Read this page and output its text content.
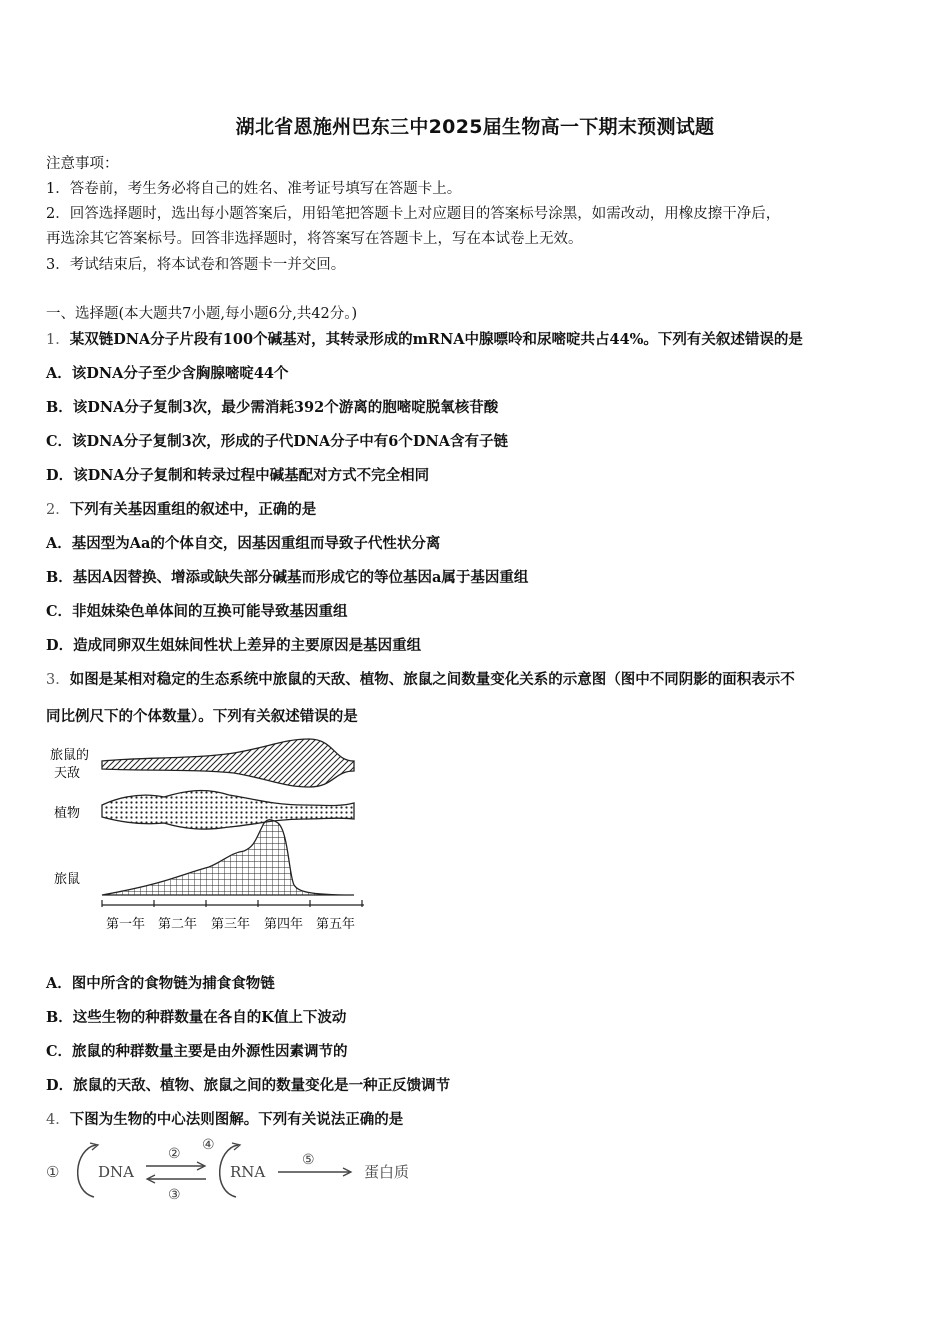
湖北省恩施州巴东三中2025届生物高一下期末预测试题
注意事项：
1．答卷前，考生务必将自己的姓名、准考证号填写在答题卡上。
2．回答选择题时，选出每小题答案后，用铅笔把答题卡上对应题目的答案标号涂黑，如需改动，用橡皮擦干净后，
再选涂其它答案标号。回答非选择题时，将答案写在答题卡上，写在本试卷上无效。
3．考试结束后，将本试卷和答题卡一并交回。
一、选择题(本大题共7小题,每小题6分,共42分。)
1．某双链DNA分子片段有100个碱基对，其转录形成的mRNA中腺嘌呤和尿嘧啶共占44%。下列有关叙述错误的是
A．该DNA分子至少含胸腺嘧啶44个
B．该DNA分子复制3次，最少需消耗392个游离的胞嘧啶脱氧核苷酸
C．该DNA分子复制3次，形成的子代DNA分子中有6个DNA含有子链
D．该DNA分子复制和转录过程中碱基配对方式不完全相同
2．下列有关基因重组的叙述中，正确的是
A．基因型为Aa的个体自交，因基因重组而导致子代性状分离
B．基因A因替换、增添或缺失部分碱基而形成它的等位基因a属于基因重组
C．非姐妹染色单体间的互换可能导致基因重组
D．造成同卵双生姐妹间性状上差异的主要原因是基因重组
3．如图是某相对稳定的生态系统中旅鼠的天敌、植物、旅鼠之间数量变化关系的示意图（图中不同阴影的面积表示不
同比例尺下的个体数量）。下列有关叙述错误的是
旅鼠的
天敌
植物
旅鼠
第一年 第二年 第三年 第四年 第五年
A．图中所含的食物链为捕食食物链
B．这些生物的种群数量在各自的K值上下波动
C．旅鼠的种群数量主要是由外源性因素调节的
D．旅鼠的天敌、植物、旅鼠之间的数量变化是一种正反馈调节
4．下图为生物的中心法则图解。下列有关说法正确的是
①	DNA
②
③
④
RNA
⑤
蛋白质
